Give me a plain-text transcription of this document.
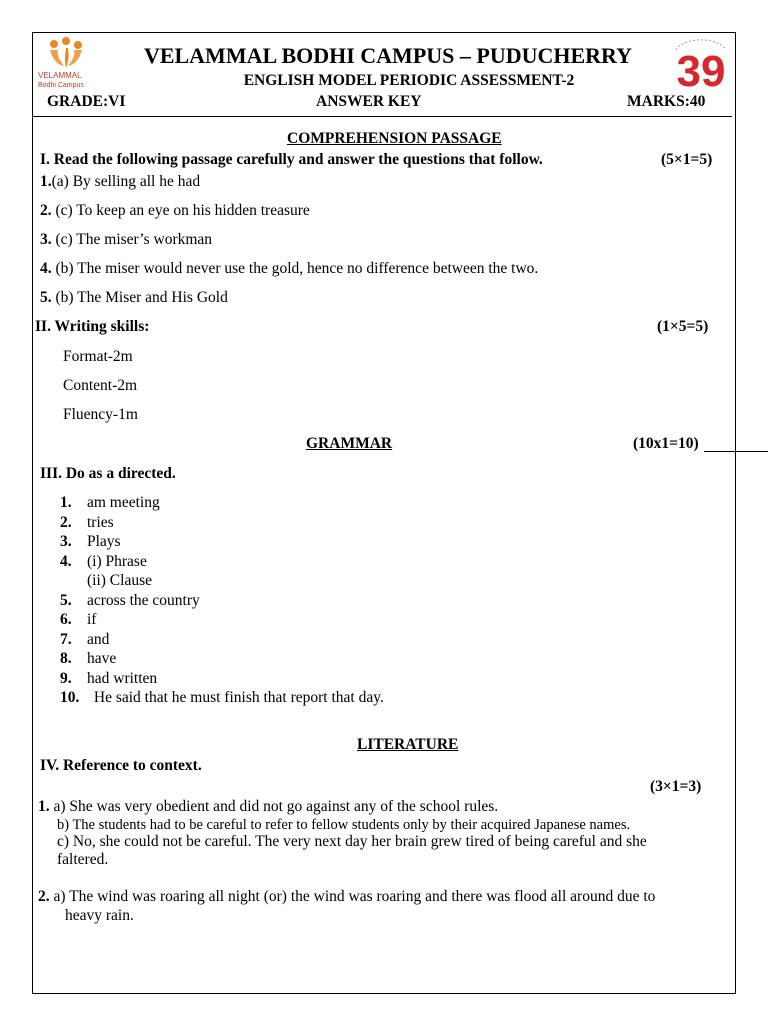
VELAMMAL
Bodhi Campus	39
VELAMMAL BODHI CAMPUS – PUDUCHERRY
ENGLISH MODEL PERIODIC ASSESSMENT-2
GRADE:VI	ANSWER KEY	MARKS:40
COMPREHENSION PASSAGE
I. Read the following passage carefully and answer the questions that follow.	(5×1=5)
1.(a) By selling all he had
2. (c) To keep an eye on his hidden treasure
3. (c) The miser’s workman
4. (b) The miser would never use the gold, hence no difference between the two.
5. (b) The Miser and His Gold
II. Writing skills:	(1×5=5)
Format-2m
Content-2m
Fluency-1m
GRAMMAR	(10x1=10)
III. Do as a directed.
1. am meeting
2. tries
3. Plays
4. (i) Phrase
(ii) Clause
5. across the country
6. if
7. and
8. have
9. had written
10. He said that he must finish that report that day.
LITERATURE
IV. Reference to context.
(3×1=3)
1. a) She was very obedient and did not go against any of the school rules.
b) The students had to be careful to refer to fellow students only by their acquired Japanese names.
c) No, she could not be careful. The very next day her brain grew tired of being careful and she
faltered.
2. a) The wind was roaring all night (or) the wind was roaring and there was flood all around due to
heavy rain.
